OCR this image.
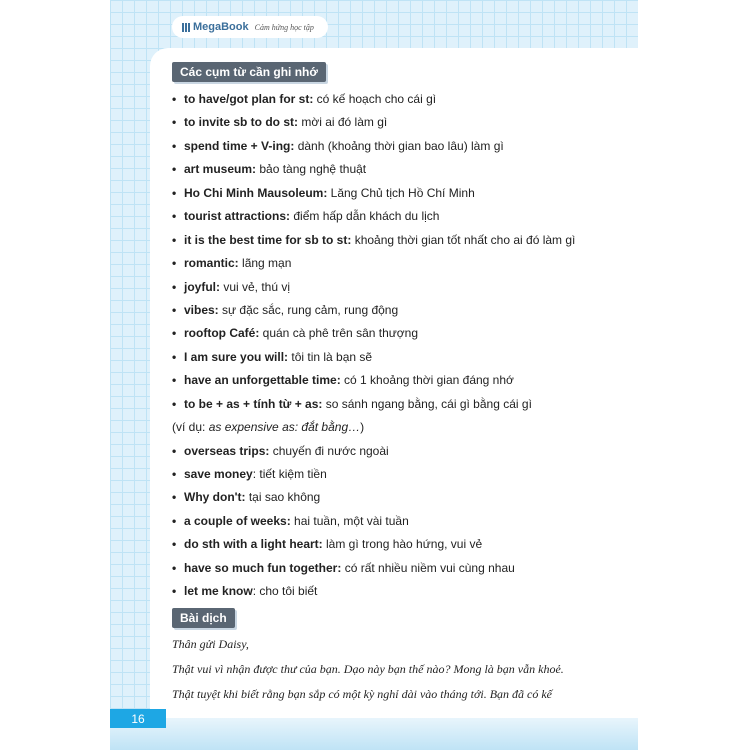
MegaBook Cảm hứng học tập
Các cụm từ cần ghi nhớ
• to have/got plan for st: có kế hoạch cho cái gì
• to invite sb to do st: mời ai đó làm gì
• spend time + V-ing: dành (khoảng thời gian bao lâu) làm gì
• art museum: bảo tàng nghệ thuật
• Ho Chi Minh Mausoleum: Lăng Chủ tịch Hồ Chí Minh
• tourist attractions: điểm hấp dẫn khách du lịch
• it is the best time for sb to st: khoảng thời gian tốt nhất cho ai đó làm gì
• romantic: lãng mạn
• joyful: vui vẻ, thú vị
• vibes: sự đặc sắc, rung cảm, rung động
• rooftop Café: quán cà phê trên sân thượng
• I am sure you will: tôi tin là bạn sẽ
• have an unforgettable time: có 1 khoảng thời gian đáng nhớ
• to be + as + tính từ + as: so sánh ngang bằng, cái gì bằng cái gì
(ví dụ: as expensive as: đắt bằng…)
• overseas trips: chuyến đi nước ngoài
• save money: tiết kiệm tiền
• Why don't: tại sao không
• a couple of weeks: hai tuần, một vài tuần
• do sth with a light heart: làm gì trong hào hứng, vui vẻ
• have so much fun together: có rất nhiều niềm vui cùng nhau
• let me know: cho tôi biết
Bài dịch

Thân gửi Daisy,

Thật vui vì nhận được thư của bạn. Dạo này bạn thế nào? Mong là bạn vẫn khoẻ.

Thật tuyệt khi biết rằng bạn sắp có một kỳ nghỉ dài vào tháng tới. Bạn đã có kế

16
